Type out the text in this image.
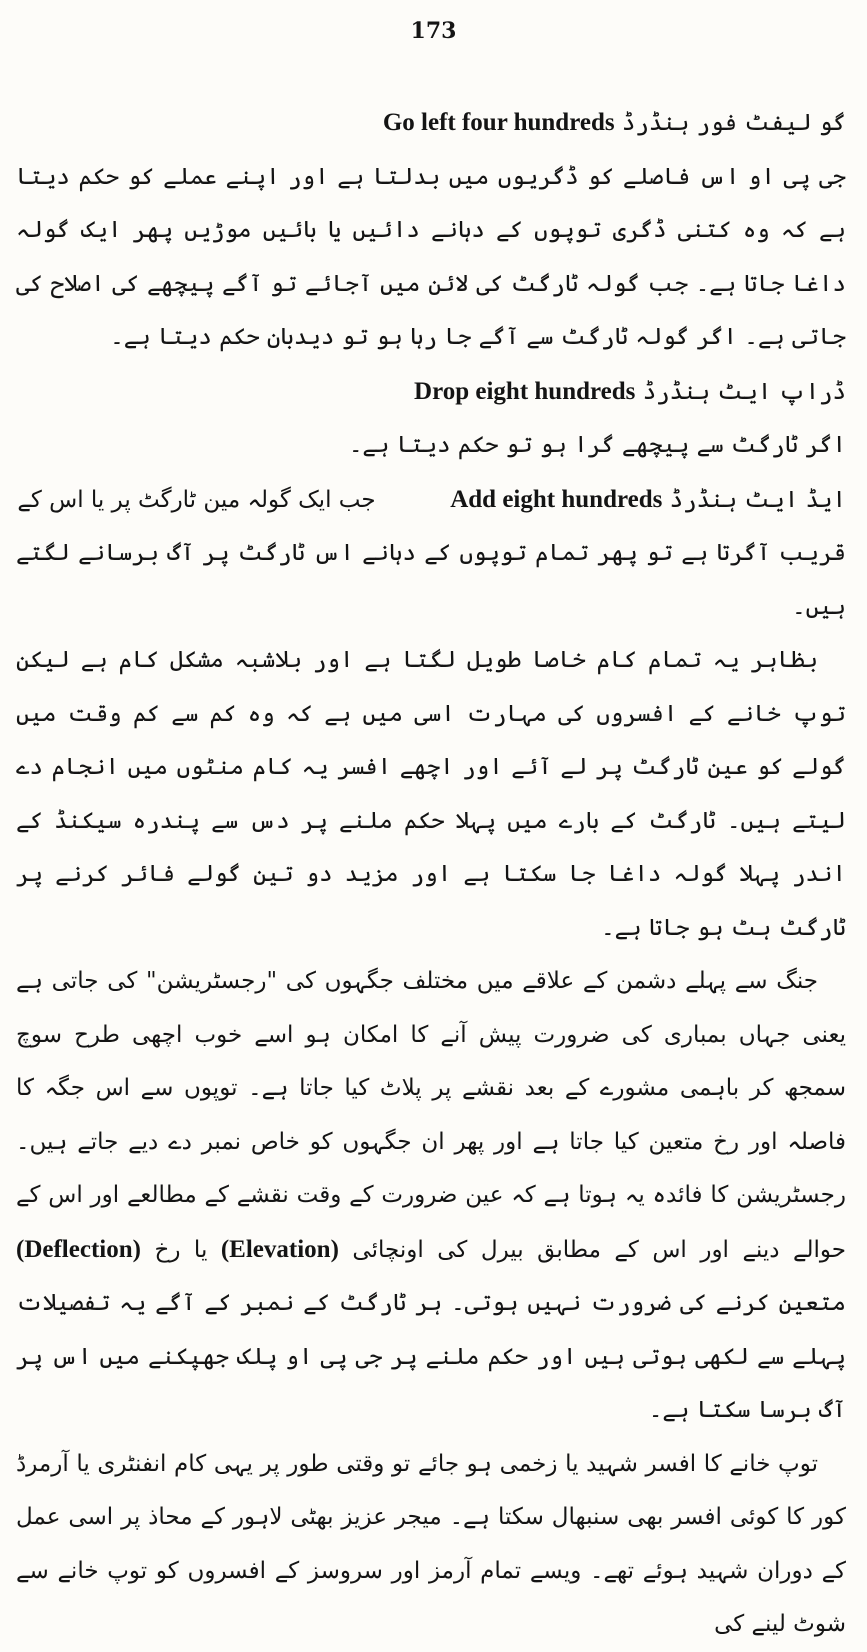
173

گو لیفٹ فور ہنڈرڈ Go left four hundreds

جی پی او اس فاصلے کو ڈگریوں میں بدلتا ہے اور اپنے عملے کو حکم دیتا ہے کہ وہ کتنی ڈگری توپوں کے دہانے دائیں یا بائیں موڑیں پھر ایک گولہ داغا جاتا ہے۔ جب گولہ ٹارگٹ کی لائن میں آجائے تو آگے پیچھے کی اصلاح کی جاتی ہے۔ اگر گولہ ٹارگٹ سے آگے جا رہا ہو تو دیدبان حکم دیتا ہے۔

ڈراپ ایٹ ہنڈرڈ Drop eight hundreds

اگر ٹارگٹ سے پیچھے گرا ہو تو حکم دیتا ہے۔

ایڈ ایٹ ہنڈرڈ Add eight hundreds  جب ایک گولہ مین ٹارگٹ پر یا اس کے

قریب آگرتا ہے تو پھر تمام توپوں کے دہانے اس ٹارگٹ پر آگ برسانے لگتے ہیں۔

بظاہر یہ تمام کام خاصا طویل لگتا ہے اور بلاشبہ مشکل کام ہے لیکن توپ خانے کے افسروں کی مہارت اسی میں ہے کہ وہ کم سے کم وقت میں گولے کو عین ٹارگٹ پر لے آئے اور اچھے افسر یہ کام منٹوں میں انجام دے لیتے ہیں۔ ٹارگٹ کے بارے میں پہلا حکم ملنے پر دس سے پندرہ سیکنڈ کے اندر پہلا گولہ داغا جا سکتا ہے اور مزید دو تین گولے فائر کرنے پر ٹارگٹ ہٹ ہو جاتا ہے۔

جنگ سے پہلے دشمن کے علاقے میں مختلف جگہوں کی "رجسٹریشن" کی جاتی ہے یعنی جہاں بمباری کی ضرورت پیش آنے کا امکان ہو اسے خوب اچھی طرح سوچ سمجھ کر باہمی مشورے کے بعد نقشے پر پلاٹ کیا جاتا ہے۔ توپوں سے اس جگہ کا فاصلہ اور رخ متعین کیا جاتا ہے اور پھر ان جگہوں کو خاص نمبر دے دیے جاتے ہیں۔ رجسٹریشن کا فائدہ یہ ہوتا ہے کہ عین ضرورت کے وقت نقشے کے مطالعے اور اس کے حوالے دینے اور اس کے مطابق بیرل کی اونچائی (Elevation) یا رخ (Deflection) متعین کرنے کی ضرورت نہیں ہوتی۔ ہر ٹارگٹ کے نمبر کے آگے یہ تفصیلات پہلے سے لکھی ہوتی ہیں اور حکم ملنے پر جی پی او پلک جھپکنے میں اس پر آگ برسا سکتا ہے۔

توپ خانے کا افسر شہید یا زخمی ہو جائے تو وقتی طور پر یہی کام انفنٹری یا آرمرڈ کور کا کوئی افسر بھی سنبھال سکتا ہے۔ میجر عزیز بھٹی لاہور کے محاذ پر اسی عمل کے دوران شہید ہوئے تھے۔ ویسے تمام آرمز اور سروسز کے افسروں کو توپ خانے سے شوٹ لینے کی
